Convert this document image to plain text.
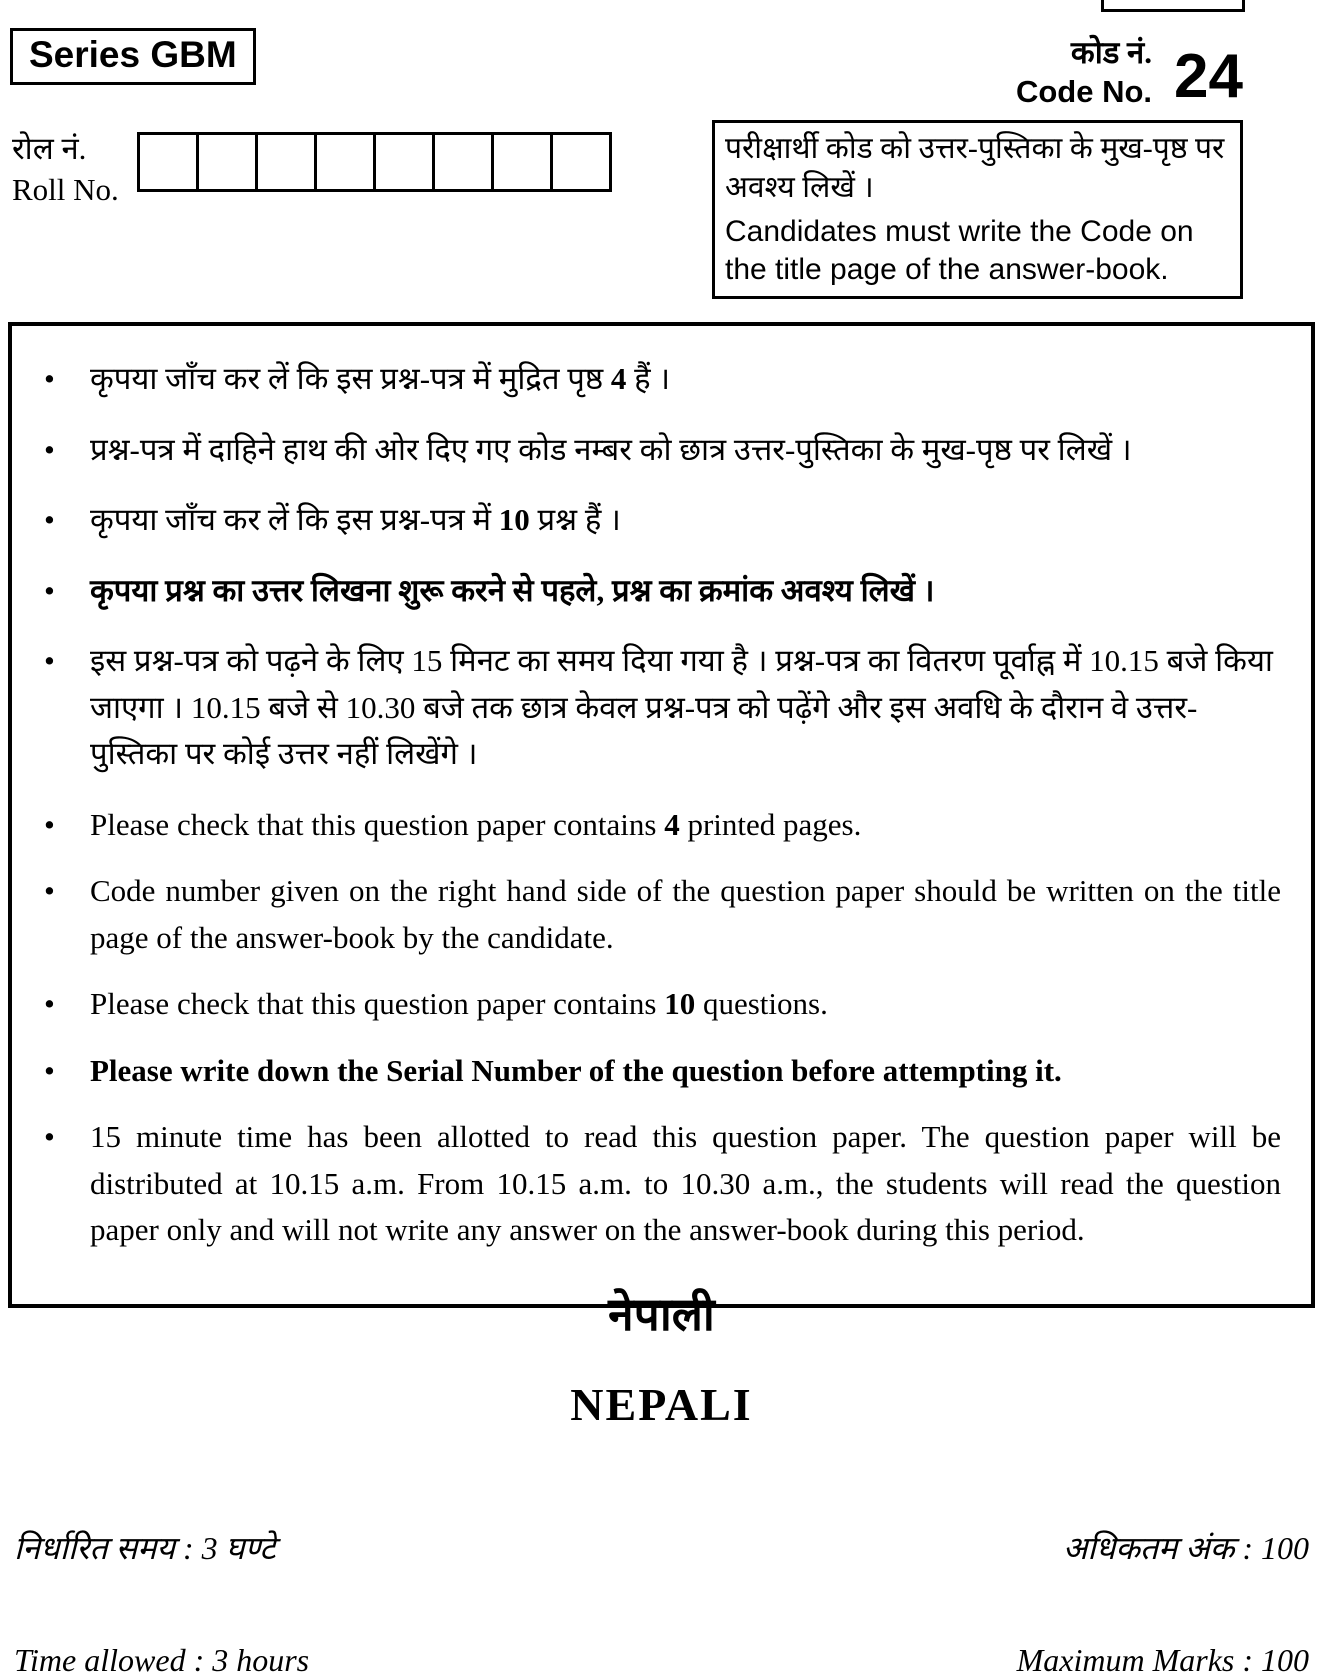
Series GBM	कोड नं.
Code No. 24
रोल नं.
Roll No.
परीक्षार्थी कोड को उत्तर-पुस्तिका के मुख-पृष्ठ पर अवश्य लिखें ।
Candidates must write the Code on the title page of the answer-book.
• कृपया जाँच कर लें कि इस प्रश्न-पत्र में मुद्रित पृष्ठ 4 हैं ।
• प्रश्न-पत्र में दाहिने हाथ की ओर दिए गए कोड नम्बर को छात्र उत्तर-पुस्तिका के मुख-पृष्ठ पर लिखें ।
• कृपया जाँच कर लें कि इस प्रश्न-पत्र में 10 प्रश्न हैं ।
• कृपया प्रश्न का उत्तर लिखना शुरू करने से पहले, प्रश्न का क्रमांक अवश्य लिखें ।
• इस प्रश्न-पत्र को पढ़ने के लिए 15 मिनट का समय दिया गया है । प्रश्न-पत्र का वितरण पूर्वाह्न में 10.15 बजे किया जाएगा । 10.15 बजे से 10.30 बजे तक छात्र केवल प्रश्न-पत्र को पढ़ेंगे और इस अवधि के दौरान वे उत्तर-पुस्तिका पर कोई उत्तर नहीं लिखेंगे ।
• Please check that this question paper contains 4 printed pages.
• Code number given on the right hand side of the question paper should be written on the title page of the answer-book by the candidate.
• Please check that this question paper contains 10 questions.
• Please write down the Serial Number of the question before attempting it.
• 15 minute time has been allotted to read this question paper. The question paper will be distributed at 10.15 a.m. From 10.15 a.m. to 10.30 a.m., the students will read the question paper only and will not write any answer on the answer-book during this period.
नेपाली
NEPALI
निर्धारित समय : 3 घण्टे	अधिकतम अंक : 100
Time allowed : 3 hours	Maximum Marks : 100
